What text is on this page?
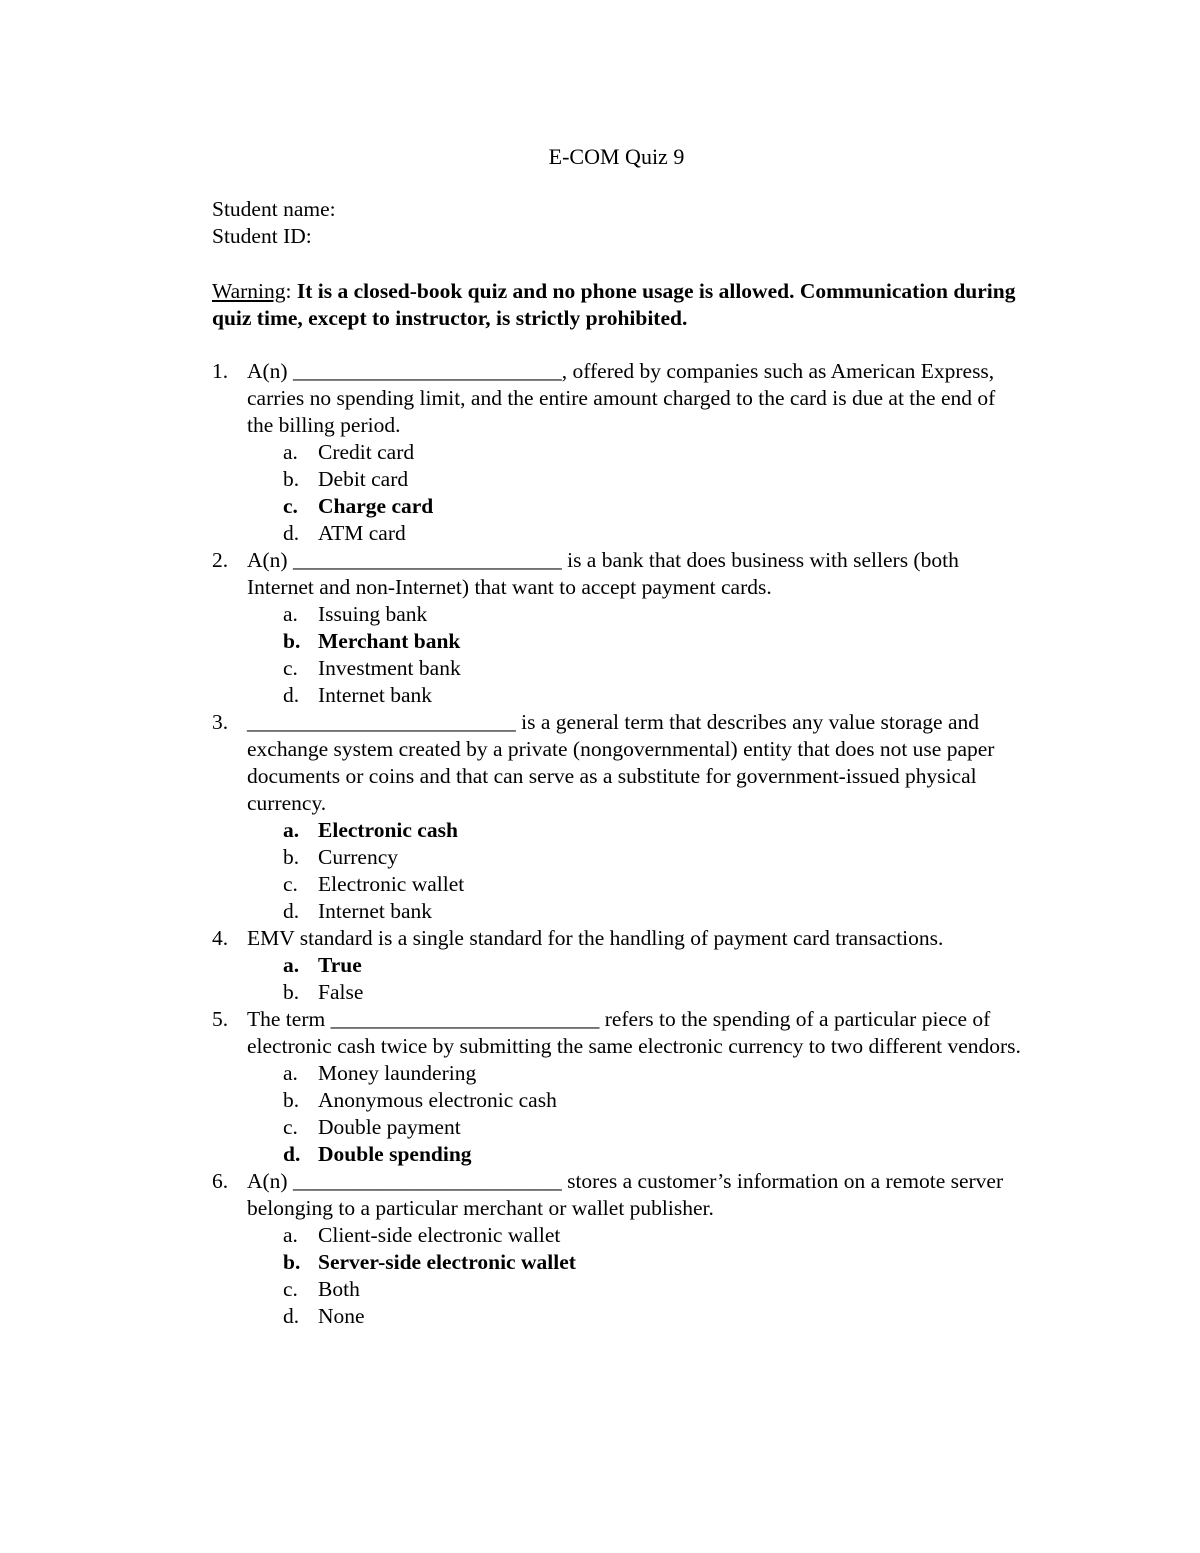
E-COM Quiz 9
Student name:
Student ID:
Warning: It is a closed-book quiz and no phone usage is allowed. Communication during quiz time, except to instructor, is strictly prohibited.
1. A(n) _________________________, offered by companies such as American Express, carries no spending limit, and the entire amount charged to the card is due at the end of the billing period.
a. Credit card
b. Debit card
c. Charge card
d. ATM card
2. A(n) _________________________ is a bank that does business with sellers (both Internet and non-Internet) that want to accept payment cards.
a. Issuing bank
b. Merchant bank
c. Investment bank
d. Internet bank
3. _________________________ is a general term that describes any value storage and exchange system created by a private (nongovernmental) entity that does not use paper documents or coins and that can serve as a substitute for government-issued physical currency.
a. Electronic cash
b. Currency
c. Electronic wallet
d. Internet bank
4. EMV standard is a single standard for the handling of payment card transactions.
a. True
b. False
5. The term _________________________ refers to the spending of a particular piece of electronic cash twice by submitting the same electronic currency to two different vendors.
a. Money laundering
b. Anonymous electronic cash
c. Double payment
d. Double spending
6. A(n) _________________________ stores a customer’s information on a remote server belonging to a particular merchant or wallet publisher.
a. Client-side electronic wallet
b. Server-side electronic wallet
c. Both
d. None
